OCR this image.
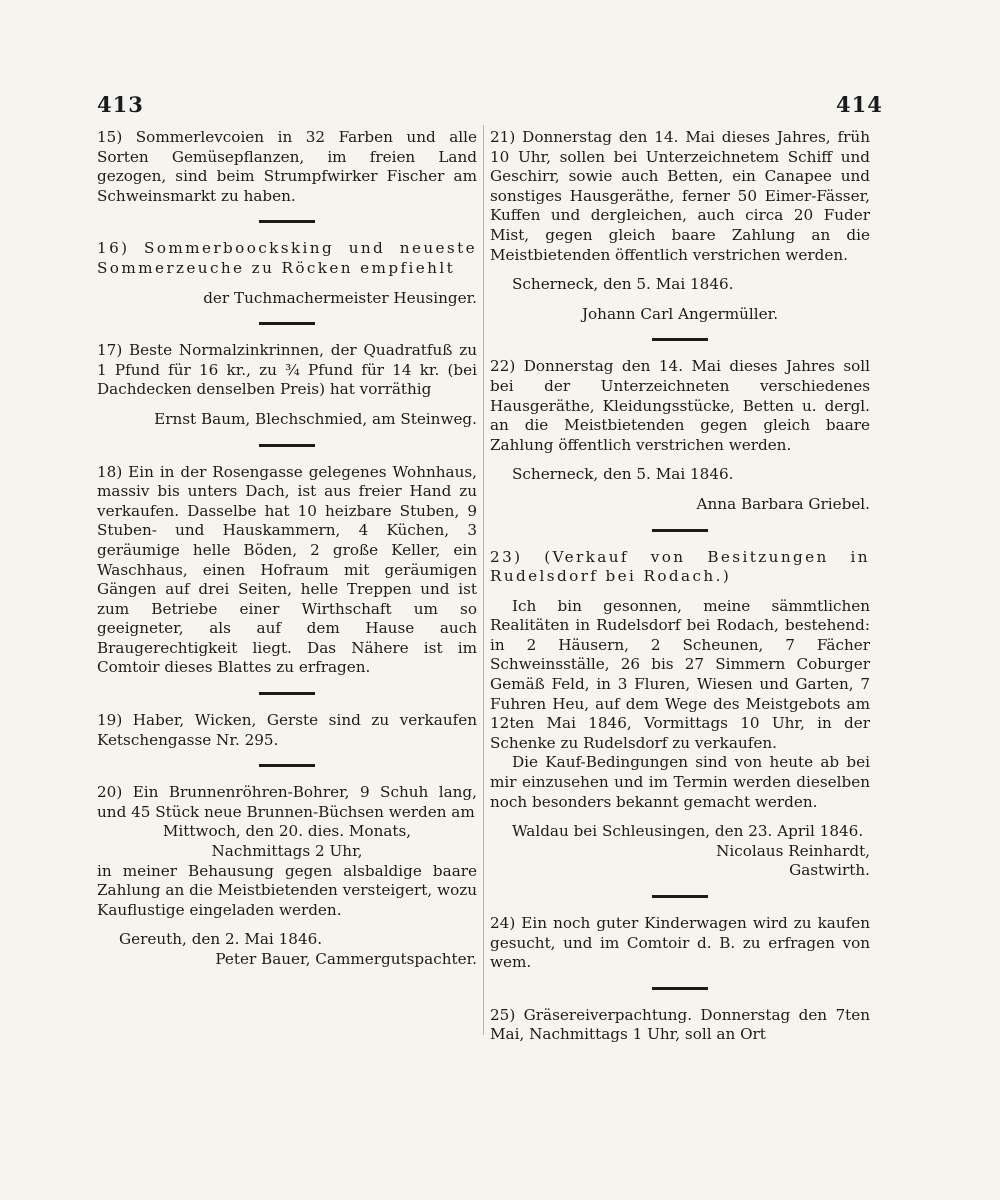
413	414

15) Sommerlevcoien in 32 Farben und alle Sorten Gemüsepflanzen, im freien Land gezogen, sind beim Strumpfwirker Fischer am Schweinsmarkt zu haben.

16) Sommerboocksking und neueste Sommerzeuche zu Röcken empfiehlt

der Tuchmachermeister Heusinger.

17) Beste Normalzinkrinnen, der Quadratfuß zu 1 Pfund für 16 kr., zu ¾ Pfund für 14 kr. (bei Dachdecken denselben Preis) hat vorräthig

Ernst Baum, Blechschmied, am Steinweg.

18) Ein in der Rosengasse gelegenes Wohnhaus, massiv bis unters Dach, ist aus freier Hand zu verkaufen. Dasselbe hat 10 heizbare Stuben, 9 Stuben- und Hauskammern, 4 Küchen, 3 geräumige helle Böden, 2 große Keller, ein Waschhaus, einen Hofraum mit geräumigen Gängen auf drei Seiten, helle Treppen und ist zum Betriebe einer Wirthschaft um so geeigneter, als auf dem Hause auch Braugerechtigkeit liegt. Das Nähere ist im Comtoir dieses Blattes zu erfragen.

19) Haber, Wicken, Gerste sind zu verkaufen Ketschengasse Nr. 295.

20) Ein Brunnenröhren-Bohrer, 9 Schuh lang, und 45 Stück neue Brunnen-Büchsen werden am

Mittwoch, den 20. dies. Monats,

Nachmittags 2 Uhr,

in meiner Behausung gegen alsbaldige baare Zahlung an die Meistbietenden versteigert, wozu Kauflustige eingeladen werden.

Gereuth, den 2. Mai 1846.

Peter Bauer, Cammergutspachter.

21) Donnerstag den 14. Mai dieses Jahres, früh 10 Uhr, sollen bei Unterzeichnetem Schiff und Geschirr, sowie auch Betten, ein Canapee und sonstiges Hausgeräthe, ferner 50 Eimer-Fässer, Kuffen und dergleichen, auch circa 20 Fuder Mist, gegen gleich baare Zahlung an die Meistbietenden öffentlich verstrichen werden.

Scherneck, den 5. Mai 1846.

Johann Carl Angermüller.

22) Donnerstag den 14. Mai dieses Jahres soll bei der Unterzeichneten verschiedenes Hausgeräthe, Kleidungsstücke, Betten u. dergl. an die Meistbietenden gegen gleich baare Zahlung öffentlich verstrichen werden.

Scherneck, den 5. Mai 1846.

Anna Barbara Griebel.

23) (Verkauf von Besitzungen in Rudelsdorf bei Rodach.)

Ich bin gesonnen, meine sämmtlichen Realitäten in Rudelsdorf bei Rodach, bestehend: in 2 Häusern, 2 Scheunen, 7 Fächer Schweinsställe, 26 bis 27 Simmern Coburger Gemäß Feld, in 3 Fluren, Wiesen und Garten, 7 Fuhren Heu, auf dem Wege des Meistgebots am 12ten Mai 1846, Vormittags 10 Uhr, in der Schenke zu Rudelsdorf zu verkaufen.

Die Kauf-Bedingungen sind von heute ab bei mir einzusehen und im Termin werden dieselben noch besonders bekannt gemacht werden.

Waldau bei Schleusingen, den 23. April 1846.

Nicolaus Reinhardt,

Gastwirth.

24) Ein noch guter Kinderwagen wird zu kaufen gesucht, und im Comtoir d. B. zu erfragen von wem.

25) Gräsereiverpachtung. Donnerstag den 7ten Mai, Nachmittags 1 Uhr, soll an Ort
